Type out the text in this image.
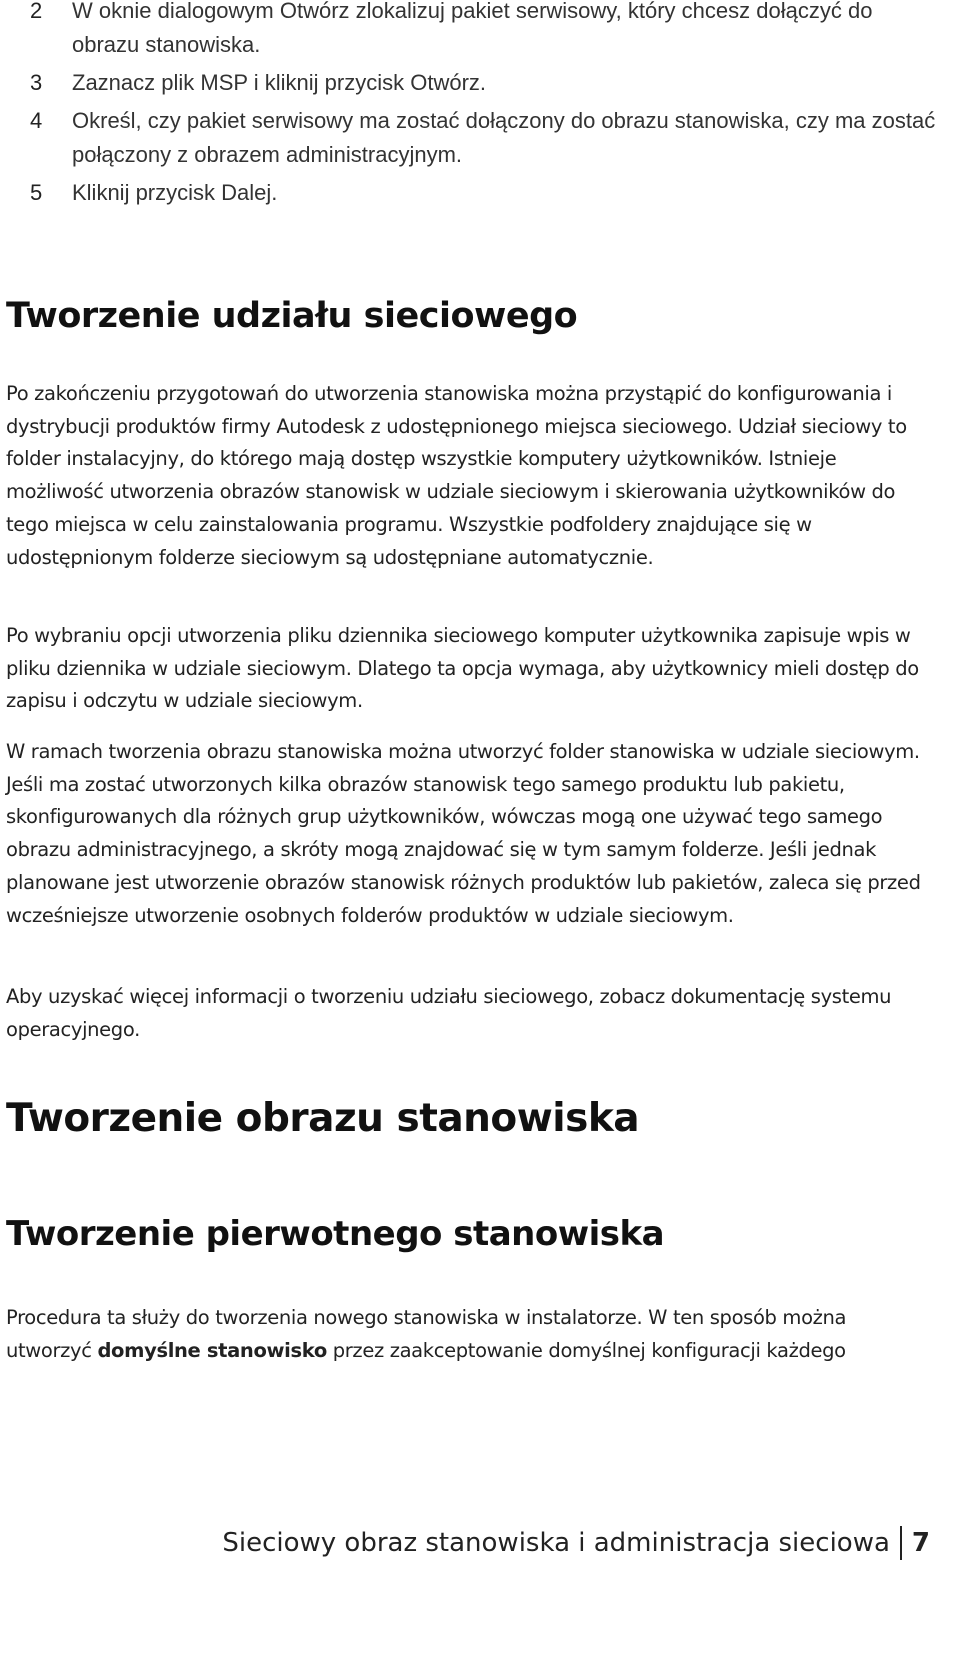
2 W oknie dialogowym Otwórz zlokalizuj pakiet serwisowy, który chcesz dołączyć do obrazu stanowiska.
3 Zaznacz plik MSP i kliknij przycisk Otwórz.
4 Określ, czy pakiet serwisowy ma zostać dołączony do obrazu stanowiska, czy ma zostać połączony z obrazem administracyjnym.
5 Kliknij przycisk Dalej.
Tworzenie udziału sieciowego

Po zakończeniu przygotowań do utworzenia stanowiska można przystąpić do konfigurowania i dystrybucji produktów firmy Autodesk z udostępnionego miejsca sieciowego. Udział sieciowy to folder instalacyjny, do którego mają dostęp wszystkie komputery użytkowników. Istnieje możliwość utworzenia obrazów stanowisk w udziale sieciowym i skierowania użytkowników do tego miejsca w celu zainstalowania programu. Wszystkie podfoldery znajdujące się w udostępnionym folderze sieciowym są udostępniane automatycznie.

Po wybraniu opcji utworzenia pliku dziennika sieciowego komputer użytkownika zapisuje wpis w pliku dziennika w udziale sieciowym. Dlatego ta opcja wymaga, aby użytkownicy mieli dostęp do zapisu i odczytu w udziale sieciowym.

W ramach tworzenia obrazu stanowiska można utworzyć folder stanowiska w udziale sieciowym. Jeśli ma zostać utworzonych kilka obrazów stanowisk tego samego produktu lub pakietu, skonfigurowanych dla różnych grup użytkowników, wówczas mogą one używać tego samego obrazu administracyjnego, a skróty mogą znajdować się w tym samym folderze. Jeśli jednak planowane jest utworzenie obrazów stanowisk różnych produktów lub pakietów, zaleca się przed wcześniejsze utworzenie osobnych folderów produktów w udziale sieciowym.

Aby uzyskać więcej informacji o tworzeniu udziału sieciowego, zobacz dokumentację systemu operacyjnego.

Tworzenie obrazu stanowiska
Tworzenie pierwotnego stanowiska

Procedura ta służy do tworzenia nowego stanowiska w instalatorze. W ten sposób można utworzyć domyślne stanowisko przez zaakceptowanie domyślnej konfiguracji każdego

Sieciowy obraz stanowiska i administracja sieciowa 7
